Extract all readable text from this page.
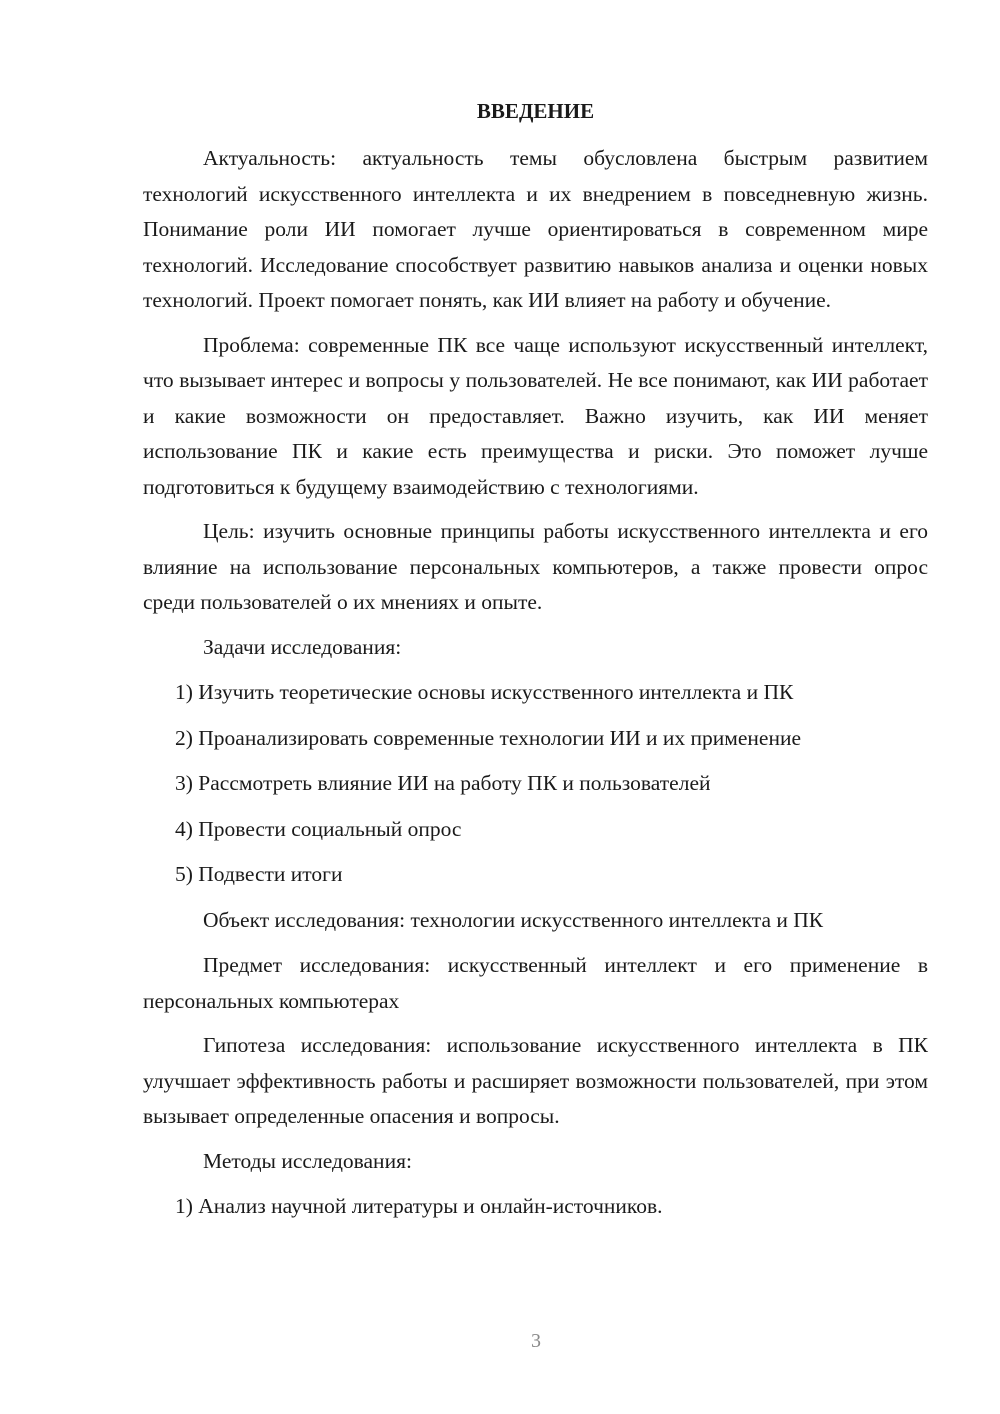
ВВЕДЕНИЕ

Актуальность: актуальность темы обусловлена быстрым развитием технологий искусственного интеллекта и их внедрением в повседневную жизнь. Понимание роли ИИ помогает лучше ориентироваться в современном мире технологий. Исследование способствует развитию навыков анализа и оценки новых технологий. Проект помогает понять, как ИИ влияет на работу и обучение.

Проблема: современные ПК все чаще используют искусственный интеллект, что вызывает интерес и вопросы у пользователей. Не все понимают, как ИИ работает и какие возможности он предоставляет. Важно изучить, как ИИ меняет использование ПК и какие есть преимущества и риски. Это поможет лучше подготовиться к будущему взаимодействию с технологиями.

Цель: изучить основные принципы работы искусственного интеллекта и его влияние на использование персональных компьютеров, а также провести опрос среди пользователей о их мнениях и опыте.

Задачи исследования:

1) Изучить теоретические основы искусственного интеллекта и ПК

2) Проанализировать современные технологии ИИ и их применение

3) Рассмотреть влияние ИИ на работу ПК и пользователей

4) Провести социальный опрос

5) Подвести итоги

Объект исследования: технологии искусственного интеллекта и ПК

Предмет исследования: искусственный интеллект и его применение в персональных компьютерах

Гипотеза исследования: использование искусственного интеллекта в ПК улучшает эффективность работы и расширяет возможности пользователей, при этом вызывает определенные опасения и вопросы.

Методы исследования:

1) Анализ научной литературы и онлайн-источников.

3
